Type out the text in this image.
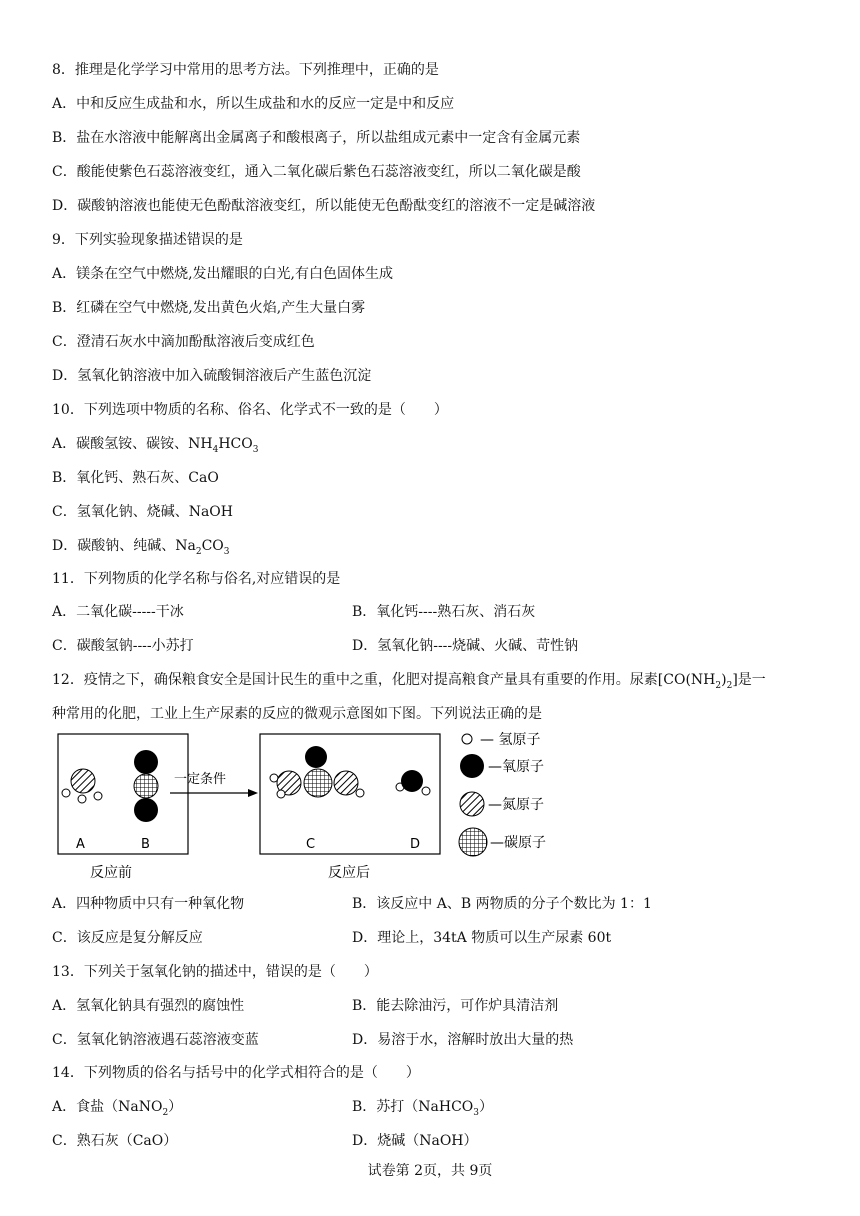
8．推理是化学学习中常用的思考方法。下列推理中，正确的是
A．中和反应生成盐和水，所以生成盐和水的反应一定是中和反应
B．盐在水溶液中能解离出金属离子和酸根离子，所以盐组成元素中一定含有金属元素
C．酸能使紫色石蕊溶液变红，通入二氧化碳后紫色石蕊溶液变红，所以二氧化碳是酸
D．碳酸钠溶液也能使无色酚酞溶液变红，所以能使无色酚酞变红的溶液不一定是碱溶液
9．下列实验现象描述错误的是
A．镁条在空气中燃烧,发出耀眼的白光,有白色固体生成
B．红磷在空气中燃烧,发出黄色火焰,产生大量白雾
C．澄清石灰水中滴加酚酞溶液后变成红色
D．氢氧化钠溶液中加入硫酸铜溶液后产生蓝色沉淀
10．下列选项中物质的名称、俗名、化学式不一致的是（　　）
A．碳酸氢铵、碳铵、$NH_4HCO_3$
B．氧化钙、熟石灰、CaO
C．氢氧化钠、烧碱、NaOH
D．碳酸钠、纯碱、$Na_2CO_3$
11．下列物质的化学名称与俗名,对应错误的是
A．二氧化碳-----干冰	B．氧化钙----熟石灰、消石灰
C．碳酸氢钠----小苏打	D．氢氧化钠----烧碱、火碱、苛性钠
12．疫情之下，确保粮食安全是国计民生的重中之重，化肥对提高粮食产量具有重要的作用。尿素$[CO(NH_2)_2]$是一
种常用的化肥，工业上生产尿素的反应的微观示意图如下图。下列说法正确的是
A	B
反应前
一定条件
C	D
反应后
— 氢原子
—氧原子
—氮原子
—碳原子
A．四种物质中只有一种氧化物	B．该反应中 A、B 两物质的分子个数比为 1：1
C．该反应是复分解反应	D．理论上，34tA 物质可以生产尿素 60t
13．下列关于氢氧化钠的描述中，错误的是（　　）
A．氢氧化钠具有强烈的腐蚀性	B．能去除油污，可作炉具清洁剂
C．氢氧化钠溶液遇石蕊溶液变蓝	D．易溶于水，溶解时放出大量的热
14．下列物质的俗名与括号中的化学式相符合的是（　　）
A．食盐（NaNO$_2$）	B．苏打（NaHCO$_3$）
C．熟石灰（CaO）	D．烧碱（NaOH）
试卷第 2页，共 9页
